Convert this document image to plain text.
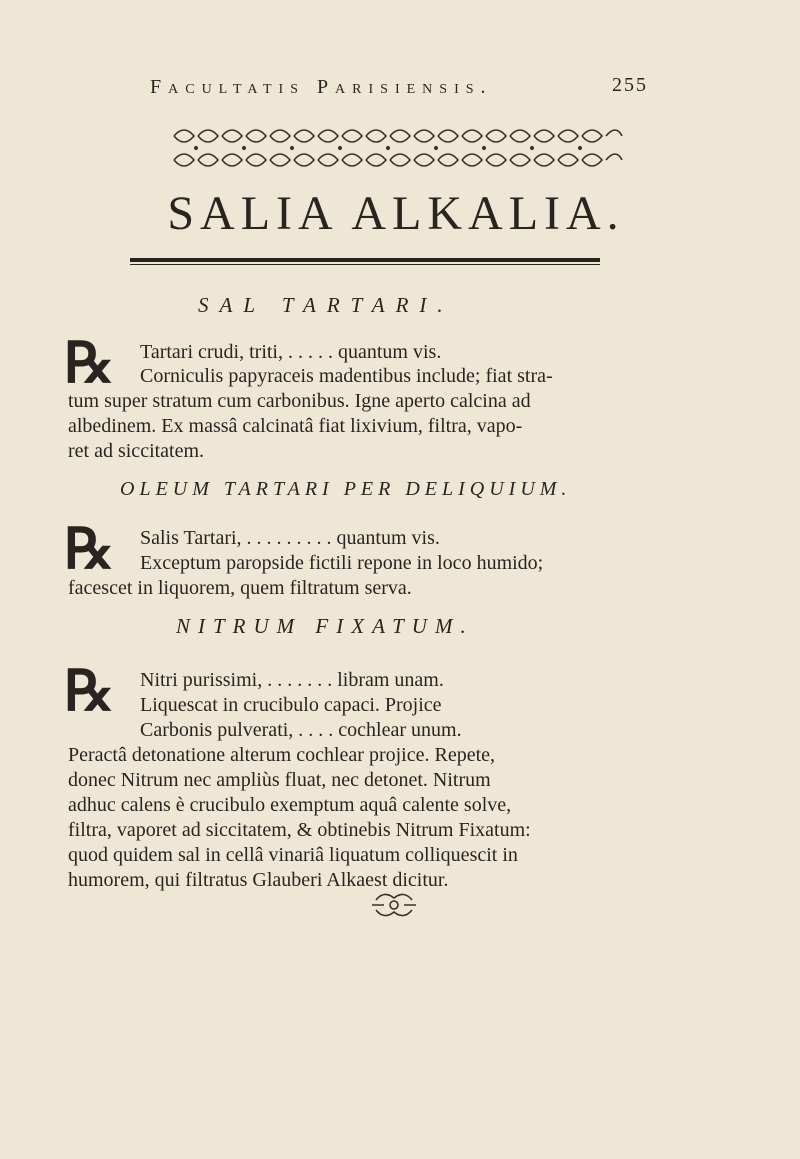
Facultatis Parisiensis.	255
SALIA ALKALIA.
SAL TARTARI.
℞ Tartari crudi, triti, . . . . . quantum vis.
Corniculis papyraceis madentibus include; fiat stra-
tum super stratum cum carbonibus. Igne aperto calcina ad
albedinem. Ex massâ calcinatâ fiat lixivium, filtra, vapo-
ret ad siccitatem.
OLEUM TARTARI PER DELIQUIUM.
℞ Salis Tartari, . . . . . . . . . quantum vis.
Exceptum paropside fictili repone in loco humido;
facescet in liquorem, quem filtratum serva.
NITRUM FIXATUM.
℞ Nitri purissimi, . . . . . . . libram unam.
Liquescat in crucibulo capaci. Projice
Carbonis pulverati, . . . . cochlear unum.
Peractâ detonatione alterum cochlear projice. Repete,
donec Nitrum nec ampliùs fluat, nec detonet. Nitrum
adhuc calens è crucibulo exemptum aquâ calente solve,
filtra, vaporet ad siccitatem, & obtinebis Nitrum Fixatum:
quod quidem sal in cellâ vinariâ liquatum colliquescit in
humorem, qui filtratus Glauberi Alkaest dicitur.
